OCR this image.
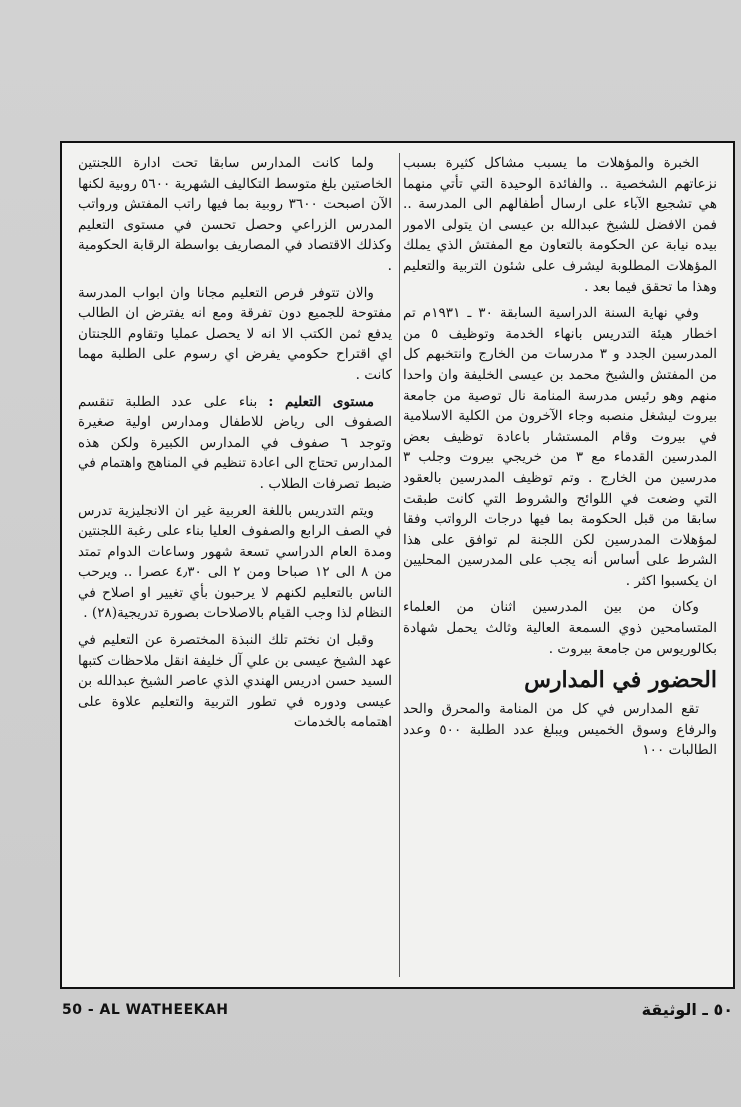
الخبرة والمؤهلات ما يسبب مشاكل كثيرة بسبب نزعاتهم الشخصية .. والفائدة الوحيدة التي تأتي منهما هي تشجيع الآباء على ارسال أطفالهم الى المدرسة .. فمن الافضل للشيخ عبدالله بن عيسى ان يتولى الامور بيده نيابة عن الحكومة بالتعاون مع المفتش الذي يملك المؤهلات المطلوبة ليشرف على شئون التربية والتعليم وهذا ما تحقق فيما بعد .

وفي نهاية السنة الدراسية السابقة ٣٠ ـ ١٩٣١م تم اخطار هيئة التدريس بانهاء الخدمة وتوظيف ٥ من المدرسين الجدد و ٣ مدرسات من الخارج وانتخبهم كل من المفتش والشيخ محمد بن عيسى الخليفة وان واحدا منهم وهو رئيس مدرسة المنامة نال توصية من جامعة بيروت ليشغل منصبه وجاء الآخرون من الكلية الاسلامية في بيروت وقام المستشار باعادة توظيف بعض المدرسين القدماء مع ٣ من خريجي بيروت وجلب ٣ مدرسين من الخارج . وتم توظيف المدرسين بالعقود التي وضعت في اللوائح والشروط التي كانت طبقت سابقا من قبل الحكومة بما فيها درجات الرواتب وفقا لمؤهلات المدرسين لكن اللجنة لم توافق على هذا الشرط على أساس أنه يجب على المدرسين المحليين ان يكسبوا اكثر .

وكان من بين المدرسين اثنان من العلماء المتسامحين ذوي السمعة العالية وثالث يحمل شهادة بكالوريوس من جامعة بيروت .

الحضور في المدارس

تقع المدارس في كل من المنامة والمحرق والحد والرفاع وسوق الخميس ويبلغ عدد الطلبة ٥٠٠ وعدد الطالبات ١٠٠

ولما كانت المدارس سابقا تحت ادارة اللجنتين الخاصتين بلغ متوسط التكاليف الشهرية ٥٦٠٠ روبية لكنها الآن اصبحت ٣٦٠٠ روبية بما فيها راتب المفتش ورواتب المدرس الزراعي وحصل تحسن في مستوى التعليم وكذلك الاقتصاد في المصاريف بواسطة الرقابة الحكومية .

والان تتوفر فرص التعليم مجانا وان ابواب المدرسة مفتوحة للجميع دون تفرقة ومع انه يفترض ان الطالب يدفع ثمن الكتب الا انه لا يحصل عمليا وتقاوم اللجنتان اي اقتراح حكومي يفرض اي رسوم على الطلبة مهما كانت .

مستوى التعليم : بناء على عدد الطلبة تنقسم الصفوف الى رياض للاطفال ومدارس اولية صغيرة وتوجد ٦ صفوف في المدارس الكبيرة ولكن هذه المدارس تحتاج الى اعادة تنظيم في المناهج واهتمام في ضبط تصرفات الطلاب .

ويتم التدريس باللغة العربية غير ان الانجليزية تدرس في الصف الرابع والصفوف العليا بناء على رغبة اللجنتين ومدة العام الدراسي تسعة شهور وساعات الدوام تمتد من ٨ الى ١٢ صباحا ومن ٢ الى ٤٫٣٠ عصرا .. ويرحب الناس بالتعليم لكنهم لا يرحبون بأي تغيير او اصلاح في النظام لذا وجب القيام بالاصلاحات بصورة تدريجية(٢٨) .

وقبل ان نختم تلك النبذة المختصرة عن التعليم في عهد الشيخ عيسى بن علي آل خليفة انقل ملاحظات كتبها السيد حسن ادريس الهندي الذي عاصر الشيخ عبدالله بن عيسى ودوره في تطور التربية والتعليم علاوة على اهتمامه بالخدمات

50 - AL WATHEEKAH	٥٠ ـ الوثيقة
